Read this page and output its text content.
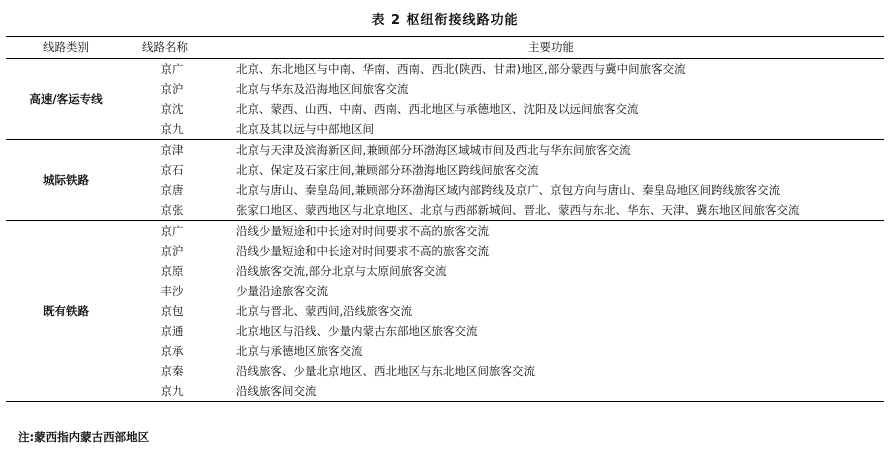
表 2 枢纽衔接线路功能
线路类别	线路名称	主要功能
高速/客运专线	京广	北京、东北地区与中南、华南、西南、西北(陕西、甘肃)地区,部分蒙西与冀中间旅客交流
	京沪	北京与华东及沿海地区间旅客交流
	京沈	北京、蒙西、山西、中南、西南、西北地区与承德地区、沈阳及以远间旅客交流
	京九	北京及其以远与中部地区间
城际铁路	京津	北京与天津及滨海新区间,兼顾部分环渤海区域城市间及西北与华东间旅客交流
	京石	北京、保定及石家庄间,兼顾部分环渤海地区跨线间旅客交流
	京唐	北京与唐山、秦皇岛间,兼顾部分环渤海区域内部跨线及京广、京包方向与唐山、秦皇岛地区间跨线旅客交流
	京张	张家口地区、蒙西地区与北京地区、北京与西部新城间、晋北、蒙西与东北、华东、天津、冀东地区间旅客交流
既有铁路	京广	沿线少量短途和中长途对时间要求不高的旅客交流
	京沪	沿线少量短途和中长途对时间要求不高的旅客交流
	京原	沿线旅客交流,部分北京与太原间旅客交流
	丰沙	少量沿途旅客交流
	京包	北京与晋北、蒙西间,沿线旅客交流
	京通	北京地区与沿线、少量内蒙古东部地区旅客交流
	京承	北京与承德地区旅客交流
	京秦	沿线旅客、少量北京地区、西北地区与东北地区间旅客交流
	京九	沿线旅客间交流
注:蒙西指内蒙古西部地区
